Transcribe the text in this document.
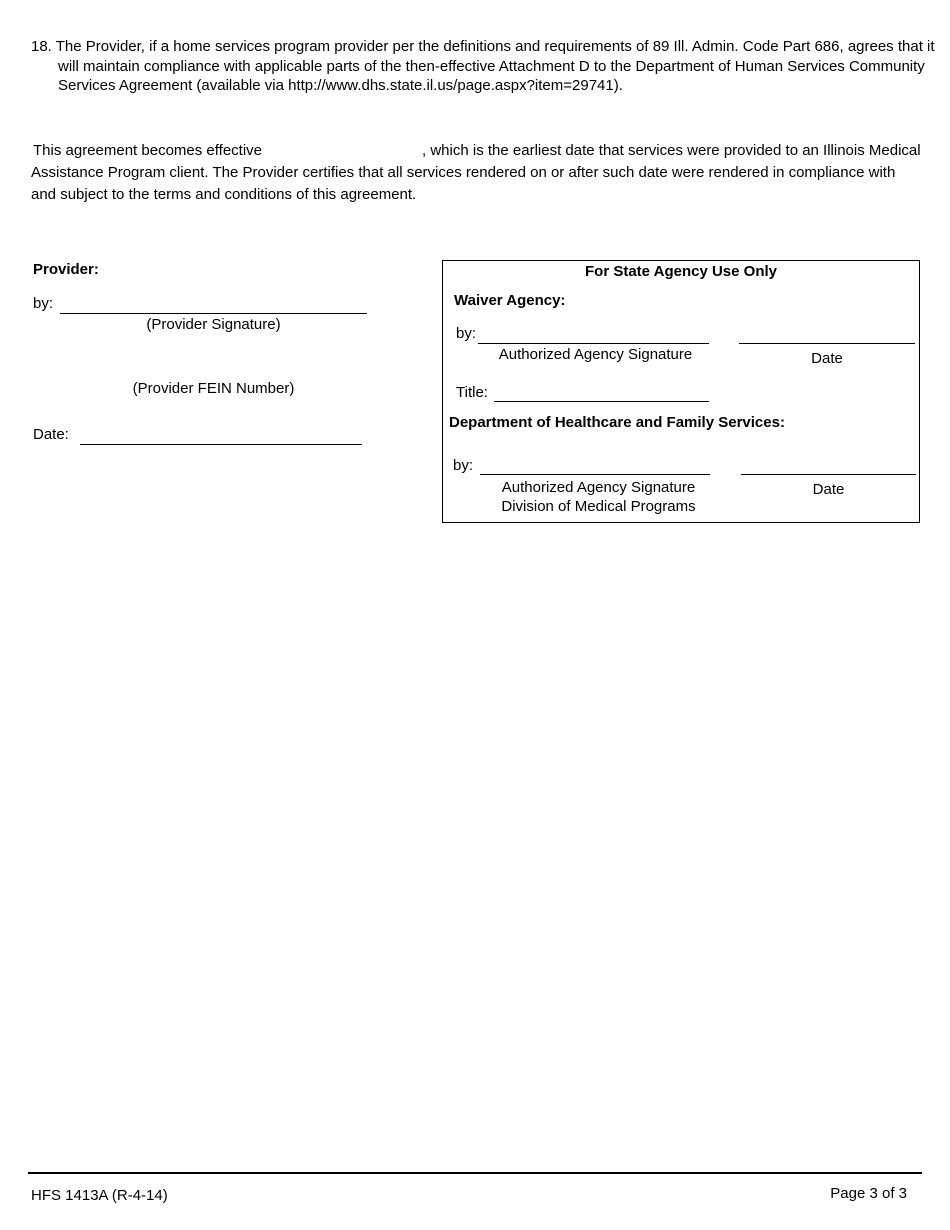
18. The Provider, if a home services program provider per the definitions and requirements of 89 Ill. Admin. Code Part 686, agrees that it will maintain compliance with applicable parts of the then-effective Attachment D to the Department of Human Services Community Services Agreement (available via http://www.dhs.state.il.us/page.aspx?item=29741).
This agreement becomes effective	, which is the earliest date that services were provided to an Illinois Medical Assistance Program client. The Provider certifies that all services rendered on or after such date were rendered in compliance with and subject to the terms and conditions of this agreement.
Provider:
by:
(Provider Signature)
(Provider FEIN Number)
Date:
For State Agency Use Only
Waiver Agency:
by:
Authorized Agency Signature	Date
Title:
Department of Healthcare and Family Services:
by:
Authorized Agency Signature
Division of Medical Programs
Date
HFS 1413A (R-4-14)	Page 3 of 3
